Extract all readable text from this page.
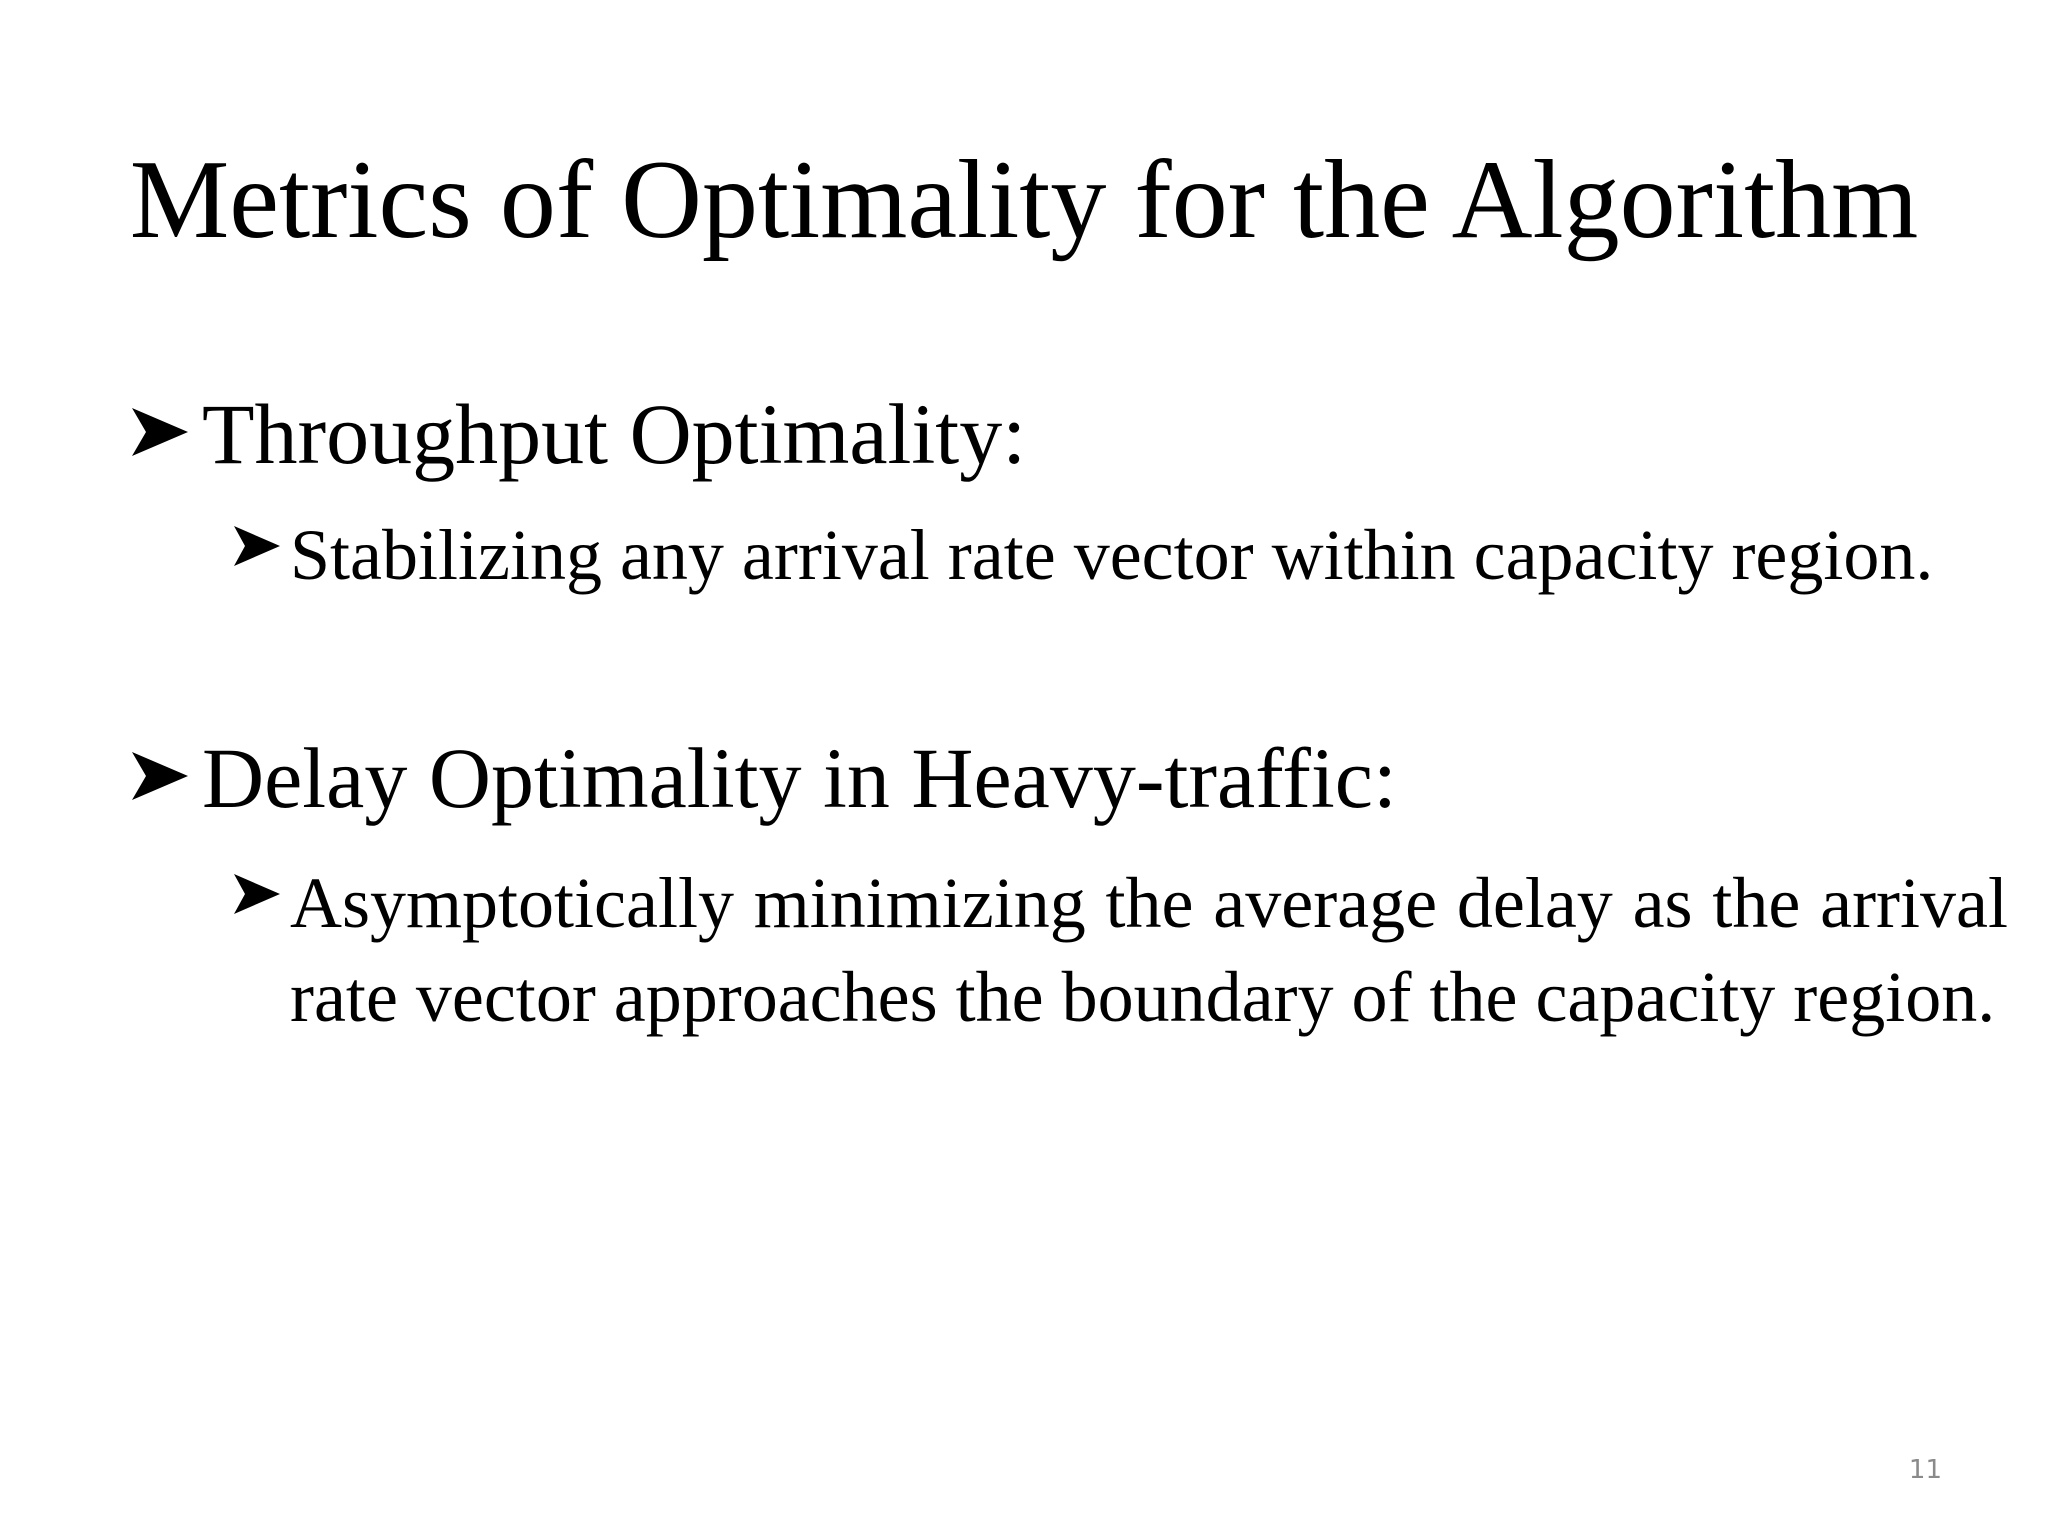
Metrics of Optimality for the Algorithm
Throughput Optimality:
Stabilizing any arrival rate vector within capacity region.
Delay Optimality in Heavy-traffic:
Asymptotically minimizing the average delay as the arrival rate vector approaches the boundary of the capacity region.
11
